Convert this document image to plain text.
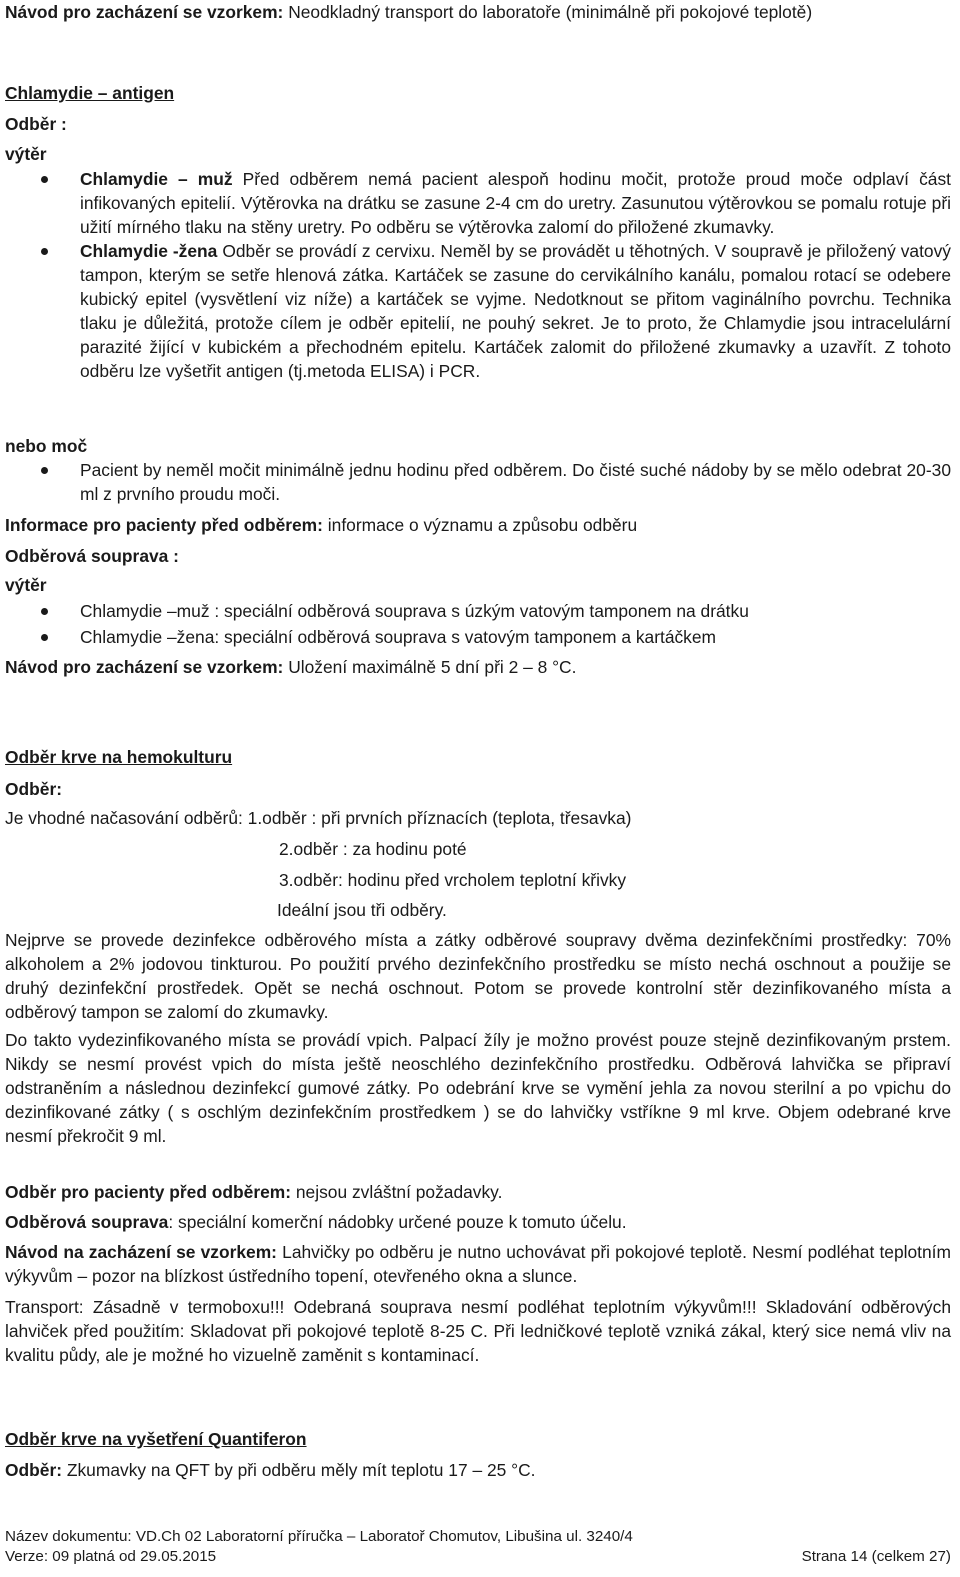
Návod pro zacházení se vzorkem: Neodkladný transport do laboratoře (minimálně při pokojové teplotě)

Chlamydie – antigen

Odběr :

výtěr

Chlamydie – muž Před odběrem nemá pacient alespoň hodinu močit, protože proud moče odplaví část infikovaných epitelií. Výtěrovka na drátku se zasune 2-4 cm do uretry. Zasunutou výtěrovkou se pomalu rotuje při užití mírného tlaku na stěny uretry. Po odběru se výtěrovka zalomí do přiložené zkumavky.
Chlamydie -žena Odběr se provádí z cervixu. Neměl by se provádět u těhotných. V soupravě je přiložený vatový tampon, kterým se setře hlenová zátka. Kartáček se zasune do cervikálního kanálu, pomalou rotací se odebere kubický epitel (vysvětlení viz níže) a kartáček se vyjme. Nedotknout se přitom vaginálního povrchu. Technika tlaku je důležitá, protože cílem je odběr epitelií, ne pouhý sekret. Je to proto, že Chlamydie jsou intracelulární parazité žijící v kubickém a přechodném epitelu. Kartáček zalomit do přiložené zkumavky a uzavřít. Z tohoto odběru lze vyšetřit antigen (tj.metoda ELISA) i PCR.

nebo moč

Pacient by neměl močit minimálně jednu hodinu před odběrem. Do čisté suché nádoby by se mělo odebrat 20-30 ml z prvního proudu moči.

Informace pro pacienty před odběrem: informace o významu a způsobu odběru

Odběrová souprava :

výtěr

Chlamydie –muž : speciální odběrová souprava s úzkým vatovým tamponem na drátku
Chlamydie –žena: speciální odběrová souprava s vatovým tamponem a kartáčkem

Návod pro zacházení se vzorkem: Uložení maximálně 5 dní při 2 – 8 °C.

Odběr krve na hemokulturu

Odběr:

Je vhodné načasování odběrů: 1.odběr : při prvních příznacích (teplota, třesavka)

2.odběr : za hodinu poté

3.odběr: hodinu před vrcholem teplotní křivky

Ideální jsou tři odběry.

Nejprve se provede dezinfekce odběrového místa a zátky odběrové soupravy dvěma dezinfekčními prostředky: 70% alkoholem a 2% jodovou tinkturou. Po použití prvého dezinfekčního prostředku se místo nechá oschnout a použije se druhý dezinfekční prostředek. Opět se nechá oschnout. Potom se provede kontrolní stěr dezinfikovaného místa a odběrový tampon se zalomí do zkumavky.

Do takto vydezinfikovaného místa se provádí vpich. Palpací žíly je možno provést pouze stejně dezinfikovaným prstem. Nikdy se nesmí provést vpich do místa ještě neoschlého dezinfekčního prostředku. Odběrová lahvička se připraví odstraněním a následnou dezinfekcí gumové zátky. Po odebrání krve se vymění jehla za novou sterilní a po vpichu do dezinfikované zátky ( s oschlým dezinfekčním prostředkem ) se do lahvičky vstříkne 9 ml krve. Objem odebrané krve nesmí překročit 9 ml.

Odběr pro pacienty před odběrem: nejsou zvláštní požadavky.

Odběrová souprava: speciální komerční nádobky určené pouze k tomuto účelu.

Návod na zacházení se vzorkem: Lahvičky po odběru je nutno uchovávat při pokojové teplotě. Nesmí podléhat teplotním výkyvům – pozor na blízkost ústředního topení, otevřeného okna a slunce.

Transport: Zásadně v termoboxu!!! Odebraná souprava nesmí podléhat teplotním výkyvům!!! Skladování odběrových lahviček před použitím: Skladovat při pokojové teplotě 8-25 C. Při ledničkové teplotě vzniká zákal, který sice nemá vliv na kvalitu půdy, ale je možné ho vizuelně zaměnit s kontaminací.

Odběr krve na vyšetření Quantiferon

Odběr: Zkumavky na QFT by při odběru měly mít teplotu 17 – 25 °C.

Název dokumentu: VD.Ch 02 Laboratorní příručka – Laboratoř Chomutov, Libušina ul. 3240/4
Verze: 09 platná od 29.05.2015	Strana 14 (celkem 27)
